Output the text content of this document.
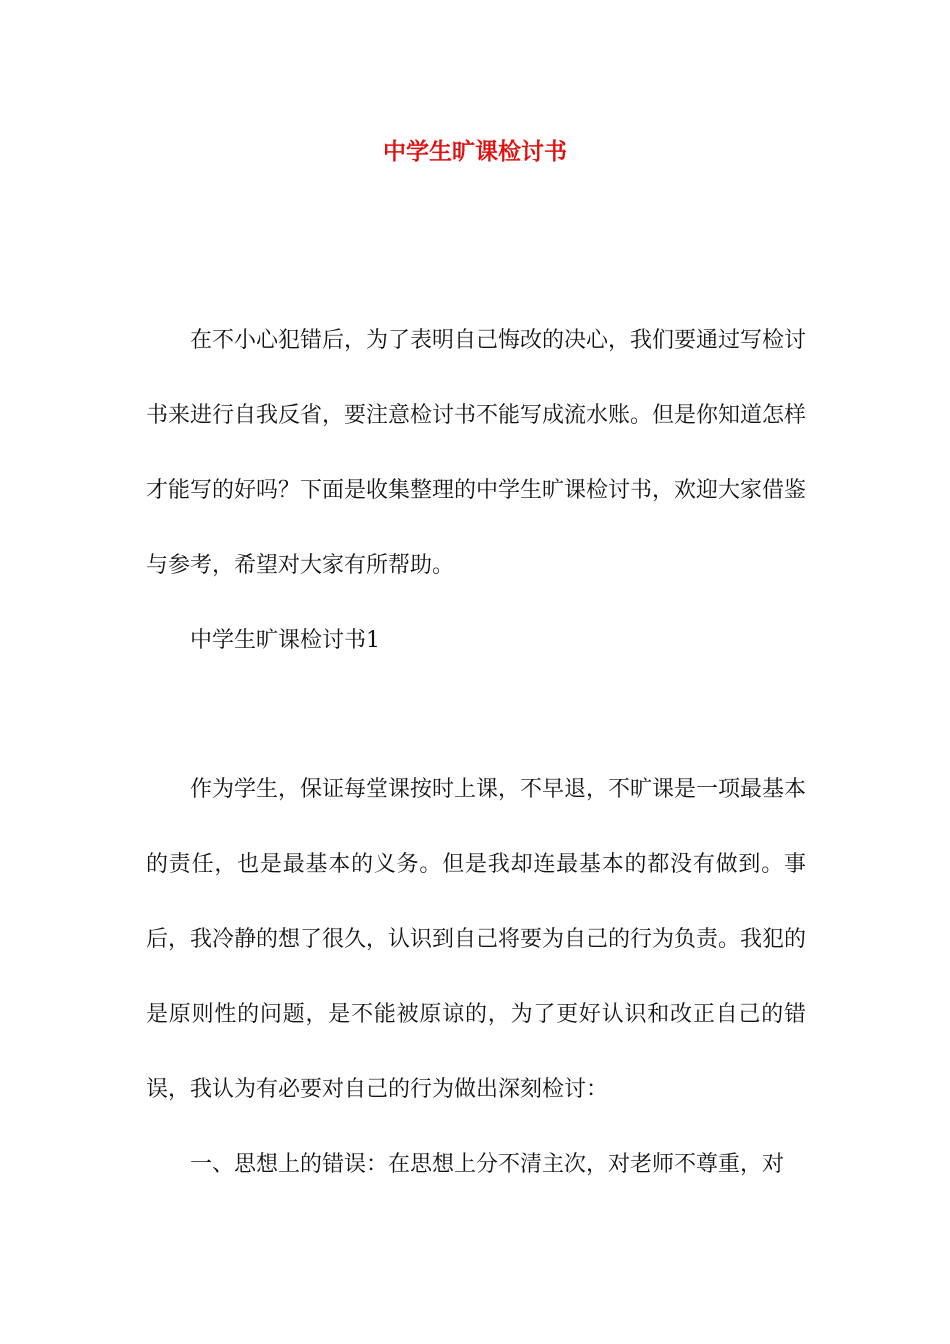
中学生旷课检讨书
在不小心犯错后，为了表明自己悔改的决心，我们要通过写检讨书来进行自我反省，要注意检讨书不能写成流水账。但是你知道怎样才能写的好吗？下面是收集整理的中学生旷课检讨书，欢迎大家借鉴与参考，希望对大家有所帮助。
中学生旷课检讨书1
作为学生，保证每堂课按时上课，不早退，不旷课是一项最基本的责任，也是最基本的义务。但是我却连最基本的都没有做到。事后，我冷静的想了很久，认识到自己将要为自己的行为负责。我犯的是原则性的问题，是不能被原谅的，为了更好认识和改正自己的错误，我认为有必要对自己的行为做出深刻检讨：
一、思想上的错误：在思想上分不清主次，对老师不尊重，对
